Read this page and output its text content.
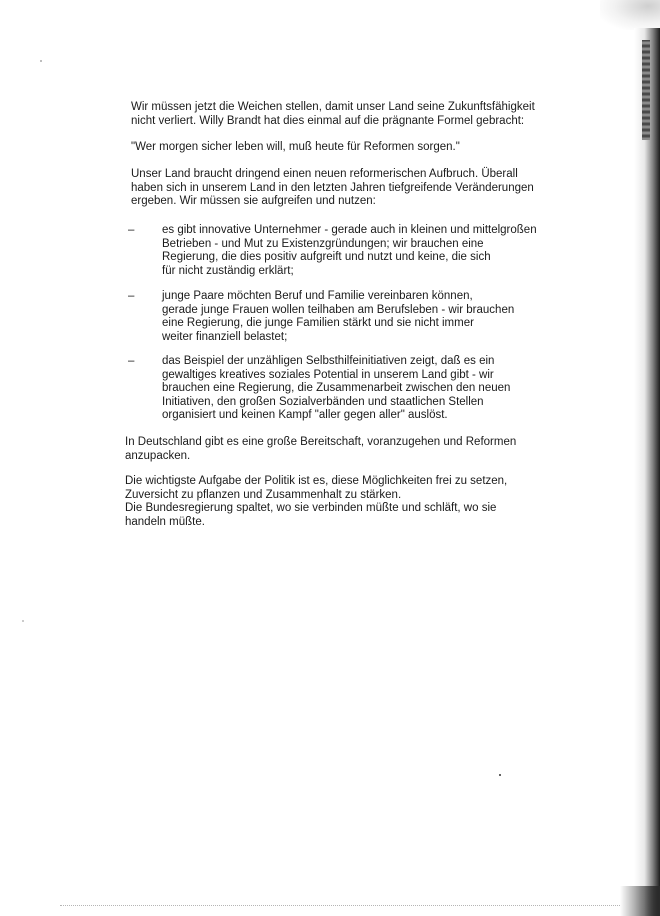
Wir müssen jetzt die Weichen stellen, damit unser Land seine Zukunftsfähigkeit
nicht verliert. Willy Brandt hat dies einmal auf die prägnante Formel gebracht:

"Wer morgen sicher leben will, muß heute für Reformen sorgen."

Unser Land braucht dringend einen neuen reformerischen Aufbruch. Überall
haben sich in unserem Land in den letzten Jahren tiefgreifende Veränderungen
ergeben. Wir müssen sie aufgreifen und nutzen:

–	es gibt innovative Unternehmer - gerade auch in kleinen und mittelgroßen
Betrieben - und Mut zu Existenzgründungen; wir brauchen eine
Regierung, die dies positiv aufgreift und nutzt und keine, die sich
für nicht zuständig erklärt;
–	junge Paare möchten Beruf und Familie vereinbaren können,
gerade junge Frauen wollen teilhaben am Berufsleben - wir brauchen
eine Regierung, die junge Familien stärkt und sie nicht immer
weiter finanziell belastet;
–	das Beispiel der unzähligen Selbsthilfeinitiativen zeigt, daß es ein
gewaltiges kreatives soziales Potential in unserem Land gibt - wir
brauchen eine Regierung, die Zusammenarbeit zwischen den neuen
Initiativen, den großen Sozialverbänden und staatlichen Stellen
organisiert und keinen Kampf "aller gegen aller" auslöst.

In Deutschland gibt es eine große Bereitschaft, voranzugehen und Reformen
anzupacken.

Die wichtigste Aufgabe der Politik ist es, diese Möglichkeiten frei zu setzen,
Zuversicht zu pflanzen und Zusammenhalt zu stärken.
Die Bundesregierung spaltet, wo sie verbinden müßte und schläft, wo sie
handeln müßte.
